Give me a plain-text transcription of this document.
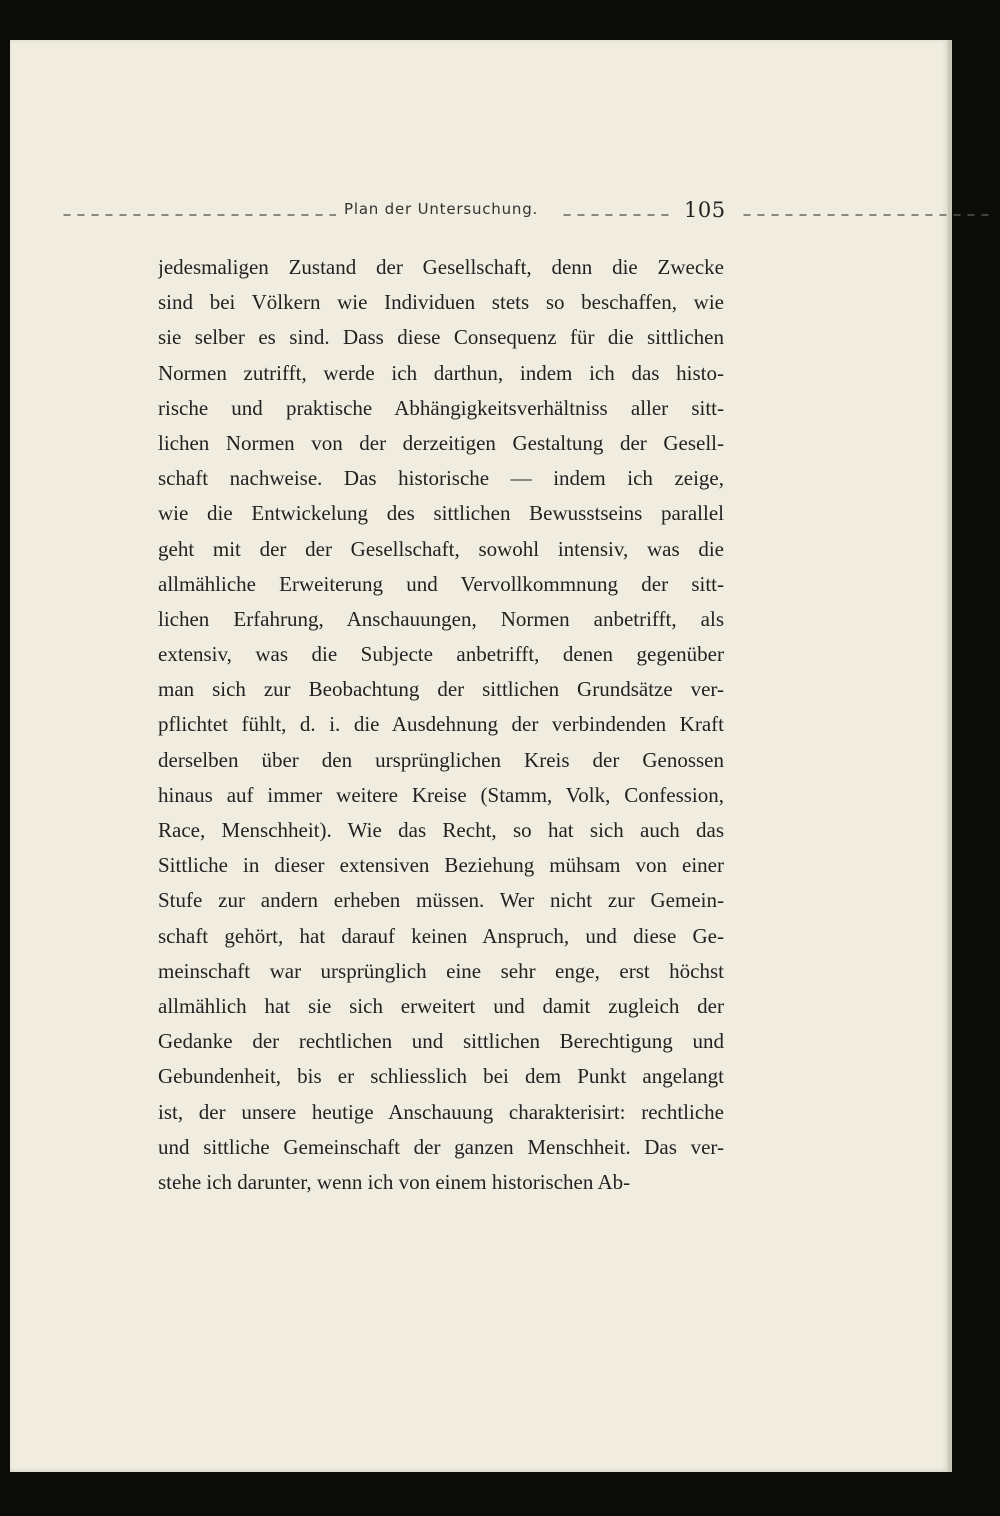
Plan der Untersuchung.	105
jedesmaligen Zustand der Gesellschaft, denn die Zwecke
sind bei Völkern wie Individuen stets so beschaffen, wie
sie selber es sind. Dass diese Consequenz für die sittlichen
Normen zutrifft, werde ich darthun, indem ich das histo-
rische und praktische Abhängigkeitsverhältniss aller sitt-
lichen Normen von der derzeitigen Gestaltung der Gesell-
schaft nachweise. Das historische — indem ich zeige,
wie die Entwickelung des sittlichen Bewusstseins parallel
geht mit der der Gesellschaft, sowohl intensiv, was die
allmähliche Erweiterung und Vervollkommnung der sitt-
lichen Erfahrung, Anschauungen, Normen anbetrifft, als
extensiv, was die Subjecte anbetrifft, denen gegenüber
man sich zur Beobachtung der sittlichen Grundsätze ver-
pflichtet fühlt, d. i. die Ausdehnung der verbindenden Kraft
derselben über den ursprünglichen Kreis der Genossen
hinaus auf immer weitere Kreise (Stamm, Volk, Confession,
Race, Menschheit). Wie das Recht, so hat sich auch das
Sittliche in dieser extensiven Beziehung mühsam von einer
Stufe zur andern erheben müssen. Wer nicht zur Gemein-
schaft gehört, hat darauf keinen Anspruch, und diese Ge-
meinschaft war ursprünglich eine sehr enge, erst höchst
allmählich hat sie sich erweitert und damit zugleich der
Gedanke der rechtlichen und sittlichen Berechtigung und
Gebundenheit, bis er schliesslich bei dem Punkt angelangt
ist, der unsere heutige Anschauung charakterisirt: rechtliche
und sittliche Gemeinschaft der ganzen Menschheit. Das ver-
stehe ich darunter, wenn ich von einem historischen Ab-
